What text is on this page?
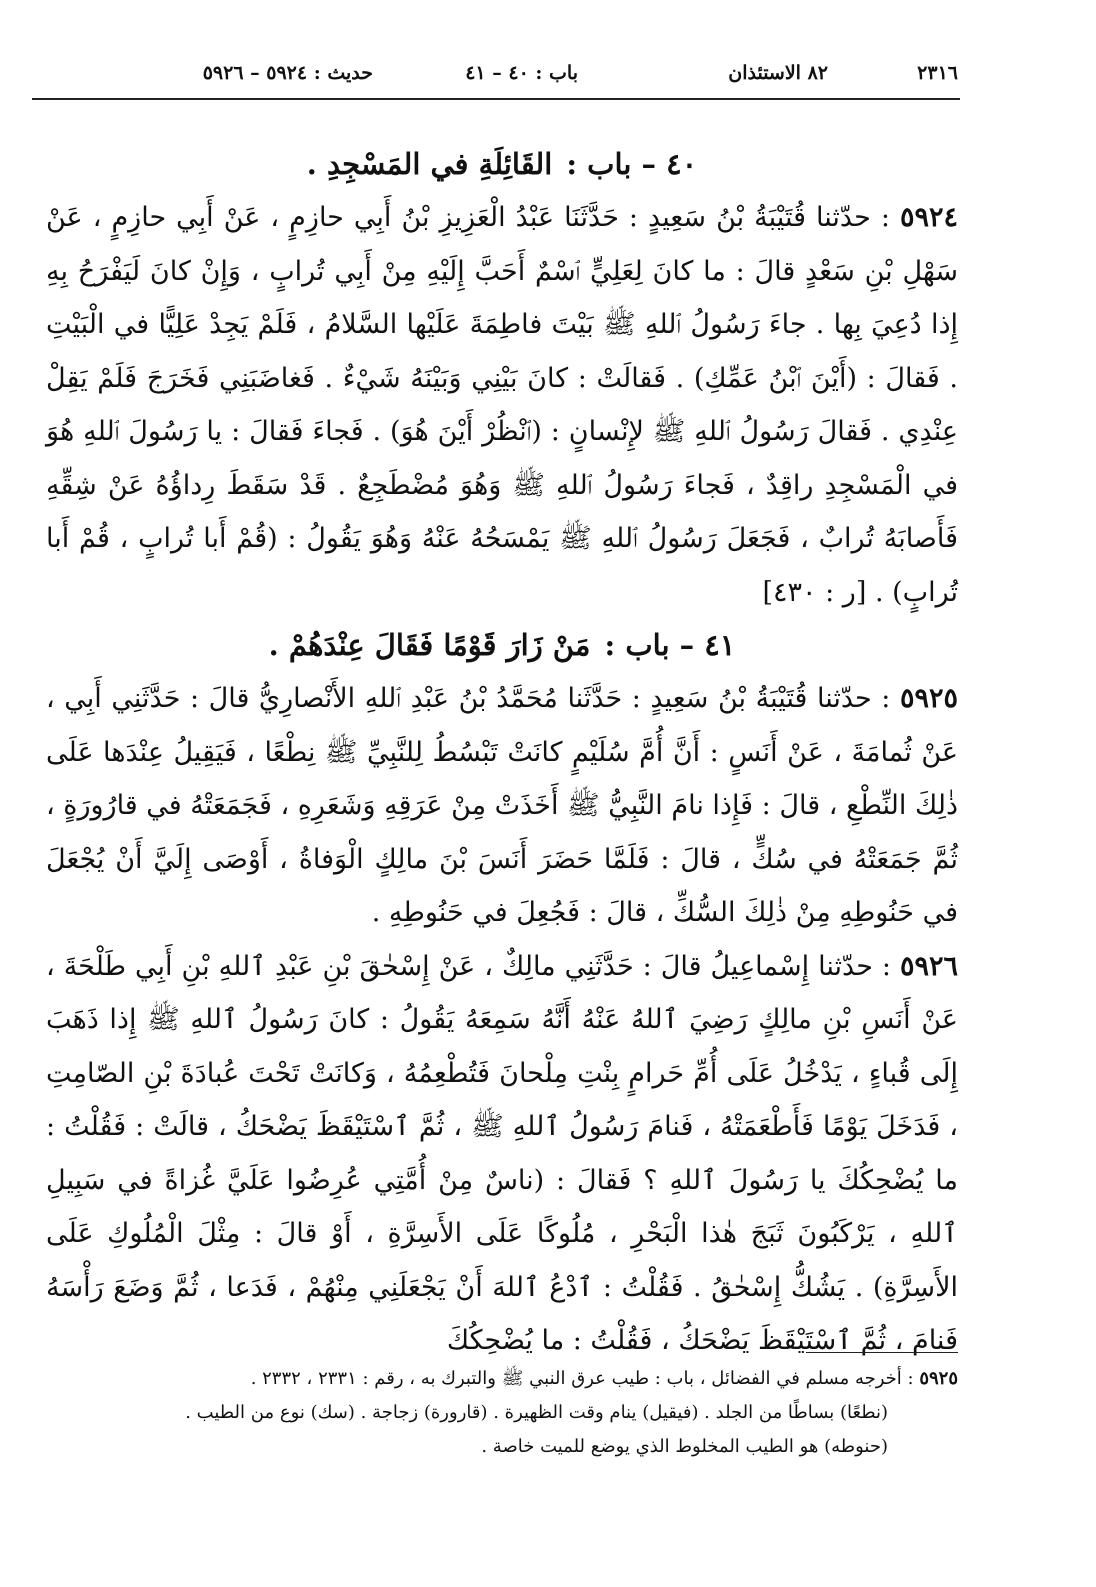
٢٣١٦
٨٢ الاستئذان
باب : ٤٠ – ٤١
حديث : ٥٩٢٤ – ٥٩٢٦
٤٠ – باب : القَائِلَةِ في المَسْجِدِ .

٥٩٢٤ : حدّثنا قُتَيْبَةُ بْنُ سَعِيدٍ : حَدَّثَنَا عَبْدُ الْعَزِيزِ بْنُ أَبِي حازِمٍ ، عَنْ أَبِي حازِمٍ ، عَنْ سَهْلِ بْنِ سَعْدٍ قالَ : ما كانَ لِعَلِيٍّ ٱسْمٌ أَحَبَّ إِلَيْهِ مِنْ أَبِي تُرابٍ ، وَإِنْ كانَ لَيَفْرَحُ بِهِ إِذا دُعِيَ بِها . جاءَ رَسُولُ ٱللهِ ﷺ بَيْتَ فاطِمَةَ عَلَيْها السَّلامُ ، فَلَمْ يَجِدْ عَلِيًّا في الْبَيْتِ . فَقالَ : (أَيْنَ ٱبْنُ عَمِّكِ) . فَقالَتْ : كانَ بَيْنِي وَبَيْنَهُ شَيْءٌ . فَغاضَبَنِي فَخَرَجَ فَلَمْ يَقِلْ عِنْدِي . فَقالَ رَسُولُ ٱللهِ ﷺ لإِنْسانٍ : (ٱنْظُرْ أَيْنَ هُوَ) . فَجاءَ فَقالَ : يا رَسُولَ ٱللهِ هُوَ في الْمَسْجِدِ راقِدٌ ، فَجاءَ رَسُولُ ٱللهِ ﷺ وَهُوَ مُضْطَجِعٌ . قَدْ سَقَطَ رِداؤُهُ عَنْ شِقِّهِ فَأَصابَهُ تُرابٌ ، فَجَعَلَ رَسُولُ ٱللهِ ﷺ يَمْسَحُهُ عَنْهُ وَهُوَ يَقُولُ : (قُمْ أَبا تُرابٍ ، قُمْ أَبا تُرابٍ) . [ر : ٤٣٠]

٤١ – باب : مَنْ زَارَ قَوْمًا فَقَالَ عِنْدَهُمْ .

٥٩٢٥ : حدّثنا قُتَيْبَةُ بْنُ سَعِيدٍ : حَدَّثَنا مُحَمَّدُ بْنُ عَبْدِ ٱللهِ الأَنْصارِيُّ قالَ : حَدَّثَنِي أَبِي ، عَنْ ثُمامَةَ ، عَنْ أَنَسٍ : أَنَّ أُمَّ سُلَيْمٍ كانَتْ تَبْسُطُ لِلنَّبِيِّ ﷺ نِطْعًا ، فَيَقِيلُ عِنْدَها عَلَى ذٰلِكَ النِّطْعِ ، قالَ : فَإِذا نامَ النَّبِيُّ ﷺ أَخَذَتْ مِنْ عَرَقِهِ وَشَعَرِهِ ، فَجَمَعَتْهُ في قارُورَةٍ ، ثُمَّ جَمَعَتْهُ في سُكٍّ ، قالَ : فَلَمَّا حَضَرَ أَنَسَ بْنَ مالِكٍ الْوَفاةُ ، أَوْصَى إِلَيَّ أَنْ يُجْعَلَ في حَنُوطِهِ مِنْ ذٰلِكَ السُّكِّ ، قالَ : فَجُعِلَ في حَنُوطِهِ .

٥٩٢٦ : حدّثنا إِسْماعِيلُ قالَ : حَدَّثَنِي مالِكٌ ، عَنْ إِسْحٰقَ بْنِ عَبْدِ ٱللهِ بْنِ أَبِي طَلْحَةَ ، عَنْ أَنَسِ بْنِ مالِكٍ رَضِيَ ٱللهُ عَنْهُ أَنَّهُ سَمِعَهُ يَقُولُ : كانَ رَسُولُ ٱللهِ ﷺ إِذا ذَهَبَ إِلَى قُباءٍ ، يَدْخُلُ عَلَى أُمِّ حَرامٍ بِنْتِ مِلْحانَ فَتُطْعِمُهُ ، وَكانَتْ تَحْتَ عُبادَةَ بْنِ الصّامِتِ ، فَدَخَلَ يَوْمًا فَأَطْعَمَتْهُ ، فَنامَ رَسُولُ ٱللهِ ﷺ ، ثُمَّ ٱسْتَيْقَظَ يَضْحَكُ ، قالَتْ : فَقُلْتُ : ما يُضْحِكُكَ يا رَسُولَ ٱللهِ ؟ فَقالَ : (ناسٌ مِنْ أُمَّتِي عُرِضُوا عَلَيَّ غُزاةً في سَبِيلِ ٱللهِ ، يَرْكَبُونَ ثَبَجَ هٰذا الْبَحْرِ ، مُلُوكًا عَلَى الأَسِرَّةِ ، أَوْ قالَ : مِثْلَ الْمُلُوكِ عَلَى الأَسِرَّةِ) . يَشُكُّ إِسْحٰقُ . فَقُلْتُ : ٱدْعُ ٱللهَ أَنْ يَجْعَلَنِي مِنْهُمْ ، فَدَعا ، ثُمَّ وَضَعَ رَأْسَهُ فَنامَ ، ثُمَّ ٱسْتَيْقَظَ يَضْحَكُ ، فَقُلْتُ : ما يُضْحِكُكَ

٥٩٢٥ : أخرجه مسلم في الفضائل ، باب : طيب عرق النبي ﷺ والتبرك به ، رقم : ٢٣٣١ ، ٢٣٣٢ .

(نطعًا) بساطًا من الجلد . (فيقيل) ينام وقت الظهيرة . (قارورة) زجاجة . (سك) نوع من الطيب .

(حنوطه) هو الطيب المخلوط الذي يوضع للميت خاصة .
